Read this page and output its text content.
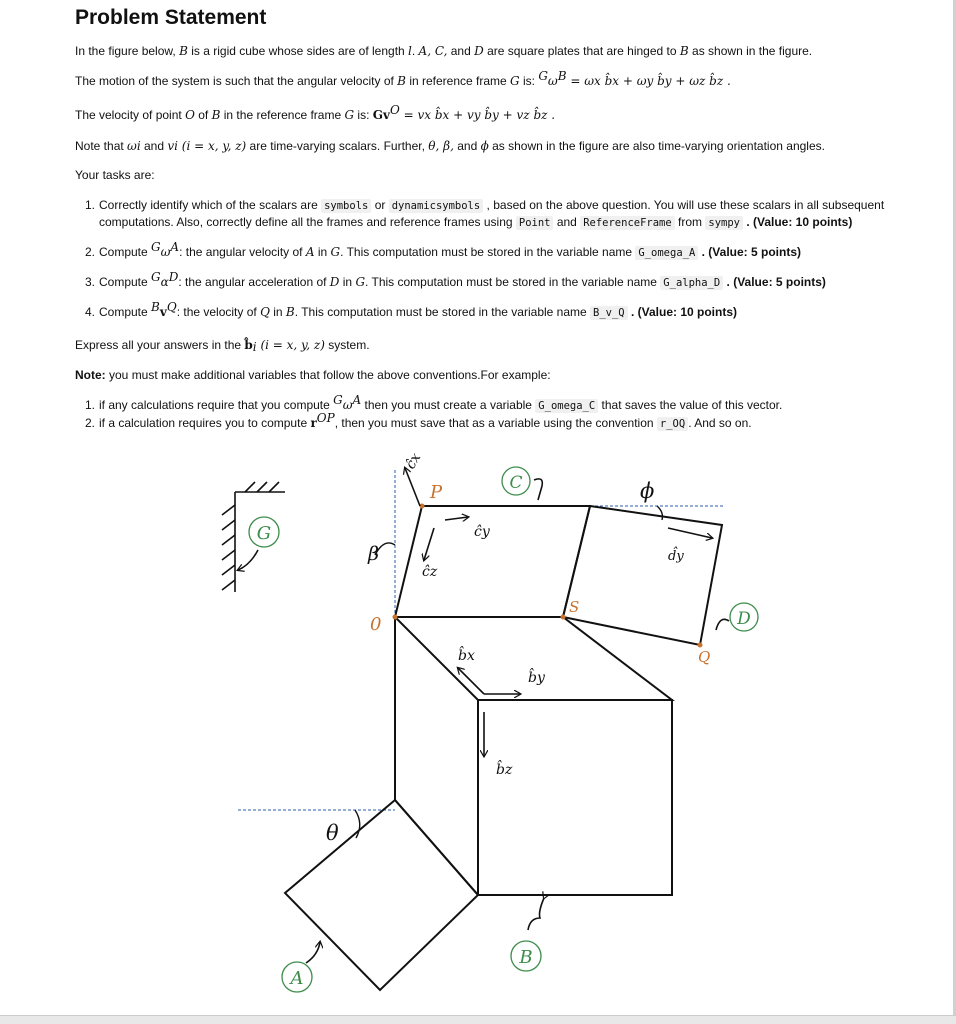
Problem Statement
In the figure below, B is a rigid cube whose sides are of length l. A, C, and D are square plates that are hinged to B as shown in the figure.
The motion of the system is such that the angular velocity of B in reference frame G is: $^G\omega^B = \omega x$ b̂x + ωy b̂y + ωz b̂z .
The velocity of point O of B in the reference frame G is: $Gv^O$ = vx b̂x + vy b̂y + vz b̂z .
Note that ωi and vi (i = x, y, z) are time-varying scalars. Further, θ, β, and ϕ as shown in the figure are also time-varying orientation angles.
Your tasks are:
1. Correctly identify which of the scalars are symbols or dynamicsymbols , based on the above question. You will use these scalars in all subsequent
computations. Also, correctly define all the frames and reference frames using Point and ReferenceFrame from sympy . (Value: 10 points)
2. Compute $^G\omega^A$: the angular velocity of A in G. This computation must be stored in the variable name G_omega_A . (Value: 5 points)
3. Compute $^G\alpha^D$: the angular acceleration of D in G. This computation must be stored in the variable name G_alpha_D . (Value: 5 points)
4. Compute $^Bv^Q$: the velocity of Q in B. This computation must be stored in the variable name B_v_Q . (Value: 10 points)
Express all your answers in the $b̂_i$ (i = x, y, z) system.
Note: you must make additional variables that follow the above conventions.For example:
1. if any calculations require that you compute $^G\omega^A$ then you must create a variable G_omega_C that saves the value of this vector.
2. if a calculation requires you to compute $r^{OP}$, then you must save that as a variable using the convention r_OQ . And so on.
G
P
S
Q
0
C
D
B
A
β
ϕ
θ
ĉx
ĉy
ĉz
d̂y
b̂x
b̂y
b̂z
